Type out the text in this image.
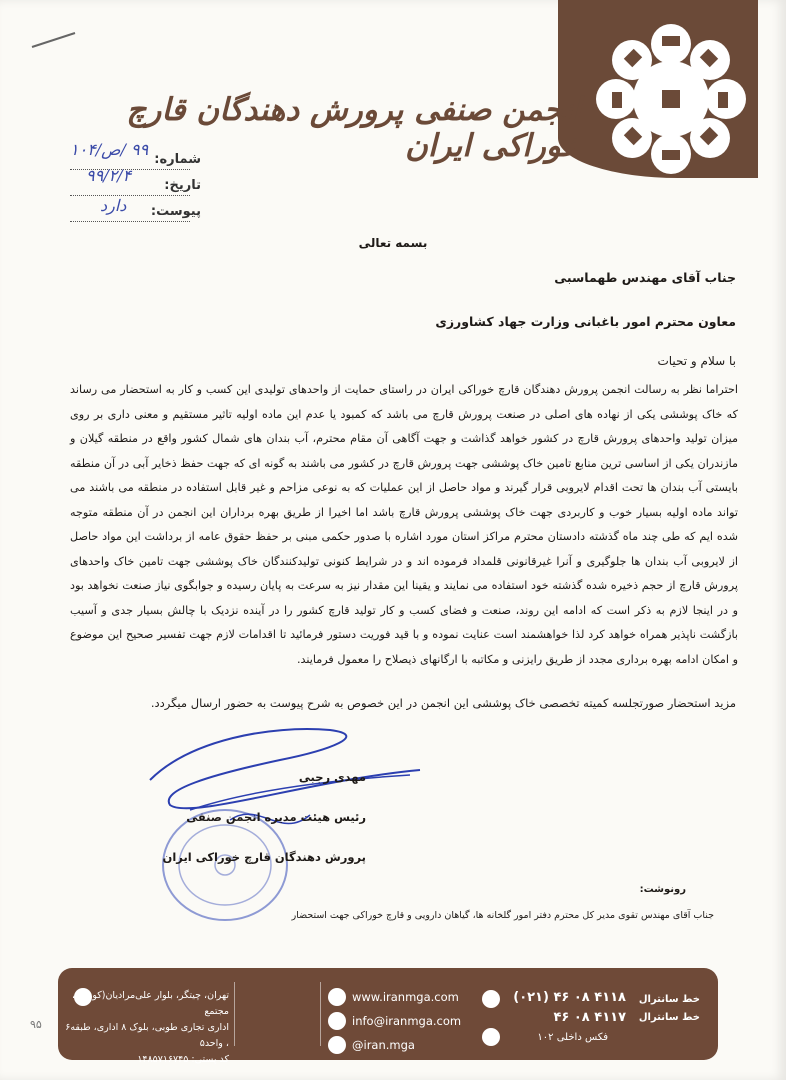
انجمن صنفی پرورش دهندگان قارچ خوراکی ایران
شماره:
۹۹ /ص/۱۰۴
تاریخ:
۹۹/۲/۴
پیوست:
دارد
بسمه تعالی
جناب آقای مهندس طهماسبی
معاون محترم امور باغبانی وزارت جهاد کشاورزی
با سلام و تحیات
احتراما نظر به رسالت انجمن پرورش دهندگان قارچ خوراکی ایران در راستای حمایت از واحدهای تولیدی این کسب و کار به استحضار می رساند که خاک پوششی یکی از نهاده های اصلی در صنعت پرورش قارچ می باشد که کمبود یا عدم این ماده اولیه تاثیر مستقیم و معنی داری بر روی میزان تولید واحدهای پرورش قارچ در کشور خواهد گذاشت و جهت آگاهی آن مقام محترم، آب بندان های شمال کشور واقع در منطقه گیلان و مازندران یکی از اساسی ترین منابع تامین خاک پوششی جهت پرورش قارچ در کشور می باشند به گونه ای که جهت حفظ ذخایر آبی در آن منطقه بایستی آب بندان ها تحت اقدام لایروبی قرار گیرند و مواد حاصل از این عملیات که به نوعی مزاحم و غیر قابل استفاده در منطقه می باشند می تواند ماده اولیه بسیار خوب و کاربردی جهت خاک پوششی پرورش قارچ باشد اما اخیرا از طریق بهره برداران این انجمن در آن منطقه متوجه شده ایم که طی چند ماه گذشته دادستان محترم مراکز استان مورد اشاره با صدور حکمی مبنی بر حفظ حقوق عامه از برداشت این مواد حاصل از لایروبی آب بندان ها جلوگیری و آنرا غیرقانونی قلمداد فرموده اند و در شرایط کنونی تولیدکنندگان خاک پوششی جهت تامین خاک واحدهای پرورش قارچ از حجم ذخیره شده گذشته خود استفاده می نمایند و یقینا این مقدار نیز به سرعت به پایان رسیده و جوابگوی نیاز صنعت نخواهد بود و در اینجا لازم به ذکر است که ادامه این روند، صنعت و فضای کسب و کار تولید قارچ کشور را در آینده نزدیک با چالش بسیار جدی و آسیب بازگشت ناپذیر همراه خواهد کرد لذا خواهشمند است عنایت نموده و با قید فوریت دستور فرمائید تا اقدامات لازم جهت تفسیر صحیح این موضوع و امکان ادامه بهره برداری مجدد از طریق رایزنی و مکاتبه با ارگانهای ذیصلاح را معمول فرمایند.
مزید استحضار صورتجلسه کمیته تخصصی خاک پوششی این انجمن در این خصوص به شرح پیوست به حضور ارسال میگردد.
مهدی رجبی
رئیس هیئت مدیره انجمن صنفی
پرورش دهندگان قارچ خوراکی ایران
رونوشت:
جناب آقای مهندس تقوی مدیر کل محترم دفتر امور گلخانه ها، گیاهان دارویی و قارچ خوراکی جهت استحضار
خط سانترال
خط سانترال
(۰۲۱) ۴۶ ۰۸ ۴۱۱۸
۴۶ ۰۸ ۴۱۱۷
فکس داخلی ۱۰۲
www.iranmga.com
info@iranmga.com
@iran.mga
تهران، چیتگر، بلوار علی‌مرادیان(کوهک)، مجتمع
اداری تجاری طوبی، بلوک ۸ اداری، طبقه۶ ، واحد۵
کد پستی: ۱۴۸۵۷۱۶۷۴۵
۹۵
